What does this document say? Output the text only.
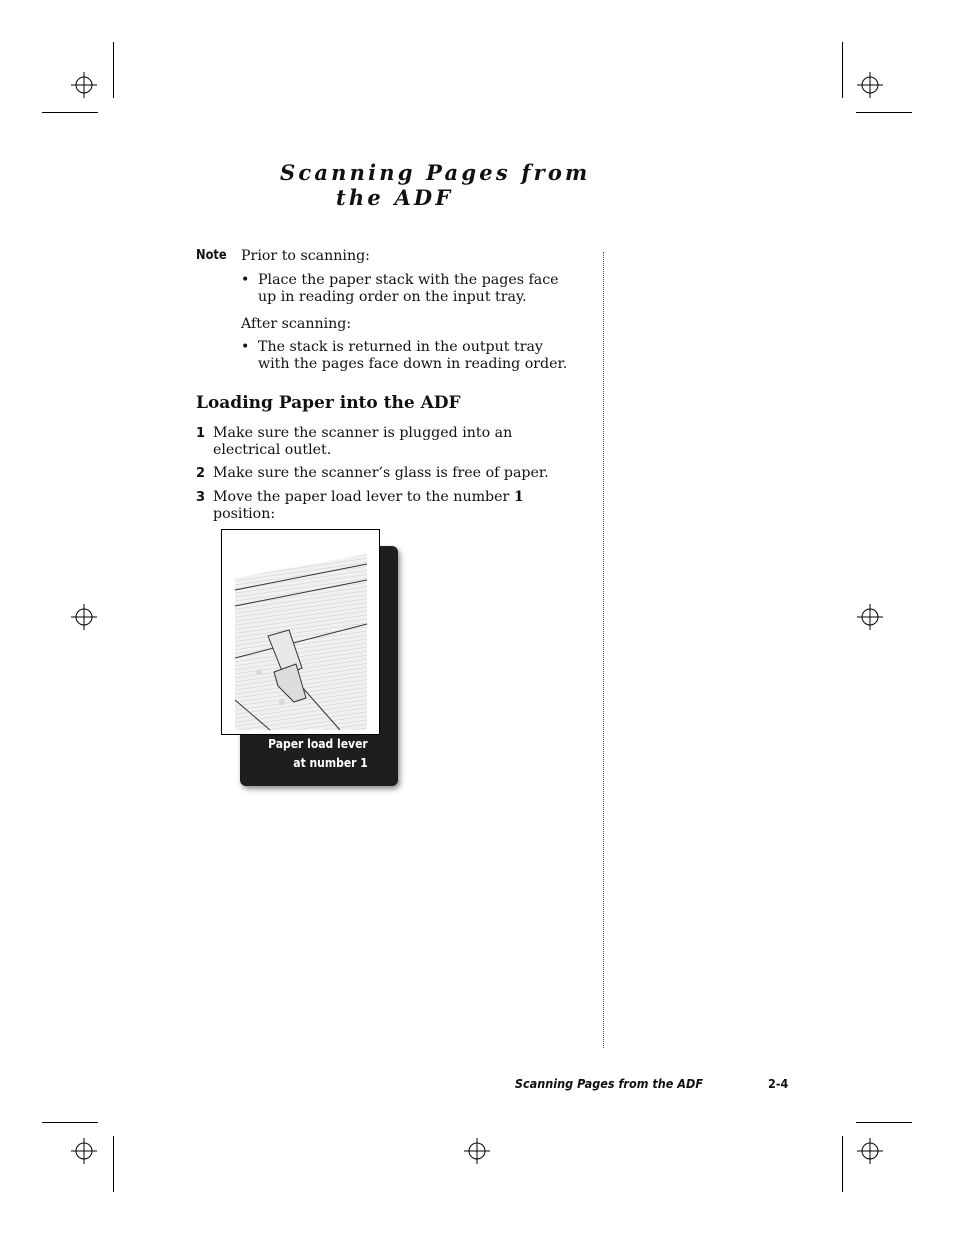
Scanning Pages from
the ADF
Note Prior to scanning:
• Place the paper stack with the pages face up in reading order on the input tray.
After scanning:
• The stack is returned in the output tray with the pages face down in reading order.
Loading Paper into the ADF
1 Make sure the scanner is plugged into an electrical outlet.
2 Make sure the scanner’s glass is free of paper.
3 Move the paper load lever to the number 1 position:
Paper load lever
at number 1
Scanning Pages from the ADF	2-4
